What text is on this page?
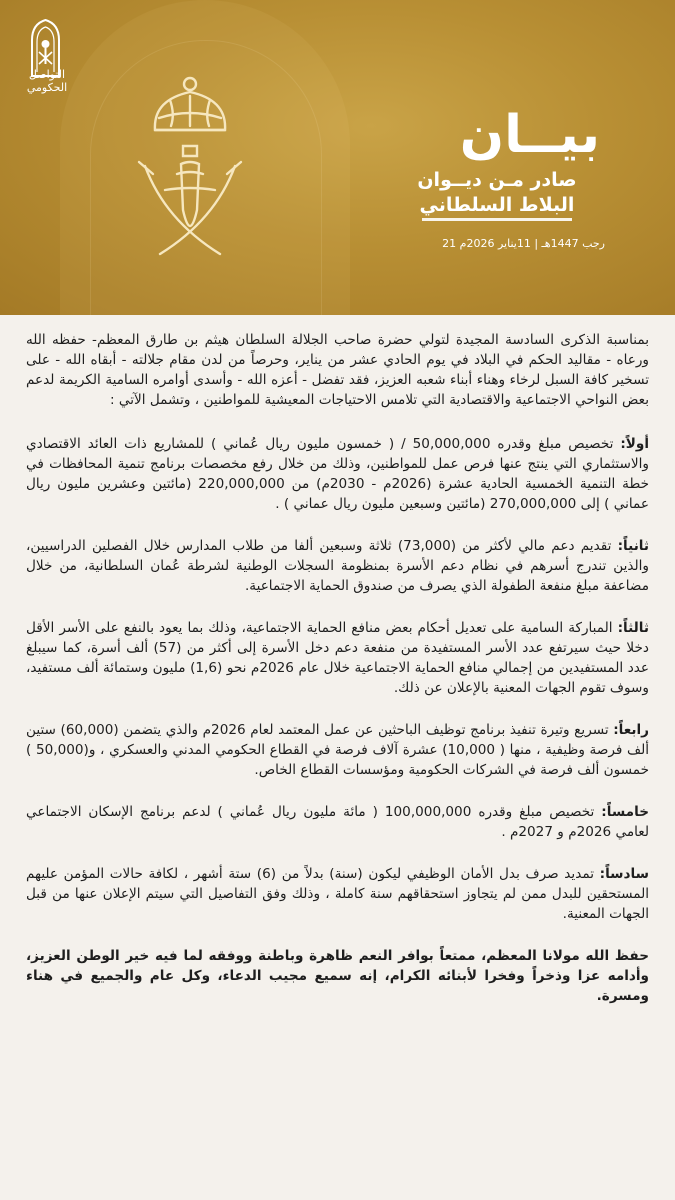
التواصل
الحكومي
بيــان
صادر مـن ديــوان
البلاط السلطاني
21 رجب 1447هـ | 11يناير 2026م

بمناسبة الذكرى السادسة المجيدة لتولي حضرة صاحب الجلالة السلطان هيثم بن طارق المعظم- حفظه الله ورعاه - مقاليد الحكم في البلاد في يوم الحادي عشر من يناير، وحرصاً من لدن مقام جلالته - أبقاه الله - على تسخير كافة السبل لرخاء وهناء أبناء شعبه العزيز، فقد تفضل - أعزه الله - وأسدى أوامره السامية الكريمة لدعم بعض النواحي الاجتماعية والاقتصادية التي تلامس الاحتياجات المعيشية للمواطنين ، وتشمل الآتي :

أولاً: تخصيص مبلغ وقدره 50,000,000 / ( خمسون مليون ريال عُماني ) للمشاريع ذات العائد الاقتصادي والاستثماري التي ينتج عنها فرص عمل للمواطنين، وذلك من خلال رفع مخصصات برنامج تنمية المحافظات في خطة التنمية الخمسية الحادية عشرة (2026م - 2030م) من 220,000,000 (مائتين وعشرين مليون ريال عماني ) إلى 270,000,000 (مائتين وسبعين مليون ريال عماني ) .

ثانياً: تقديم دعم مالي لأكثر من (73,000) ثلاثة وسبعين ألفا من طلاب المدارس خلال الفصلين الدراسيين، والذين تندرج أسرهم في نظام دعم الأسرة بمنظومة السجلات الوطنية لشرطة عُمان السلطانية، من خلال مضاعفة مبلغ منفعة الطفولة الذي يصرف من صندوق الحماية الاجتماعية.

ثالثاً: المباركة السامية على تعديل أحكام بعض منافع الحماية الاجتماعية، وذلك بما يعود بالنفع على الأسر الأقل دخلا حيث سيرتفع عدد الأسر المستفيدة من منفعة دعم دخل الأسرة إلى أكثر من (57) ألف أسرة، كما سيبلغ عدد المستفيدين من إجمالي منافع الحماية الاجتماعية خلال عام 2026م نحو (1,6) مليون وستمائة ألف مستفيد، وسوف تقوم الجهات المعنية بالإعلان عن ذلك.

رابعاً: تسريع وتيرة تنفيذ برنامج توظيف الباحثين عن عمل المعتمد لعام 2026م والذي يتضمن (60,000) ستين ألف فرصة وظيفية ، منها ( 10,000) عشرة آلاف فرصة في القطاع الحكومي المدني والعسكري ، و(50,000 ) خمسون ألف فرصة في الشركات الحكومية ومؤسسات القطاع الخاص.

خامساً: تخصيص مبلغ وقدره 100,000,000 ( مائة مليون ريال عُماني ) لدعم برنامج الإسكان الاجتماعي لعامي 2026م و 2027م .

سادساً: تمديد صرف بدل الأمان الوظيفي ليكون (سنة) بدلاً من (6) ستة أشهر ، لكافة حالات المؤمن عليهم المستحقين للبدل ممن لم يتجاوز استحقاقهم سنة كاملة ، وذلك وفق التفاصيل التي سيتم الإعلان عنها من قبل الجهات المعنية.

حفظ الله مولانا المعظم، ممتعاً بوافر النعم ظاهرة وباطنة ووفقه لما فيه خير الوطن العزيز، وأدامه عزا وذخراً وفخرا لأبنائه الكرام، إنه سميع مجيب الدعاء، وكل عام والجميع في هناء ومسرة.
